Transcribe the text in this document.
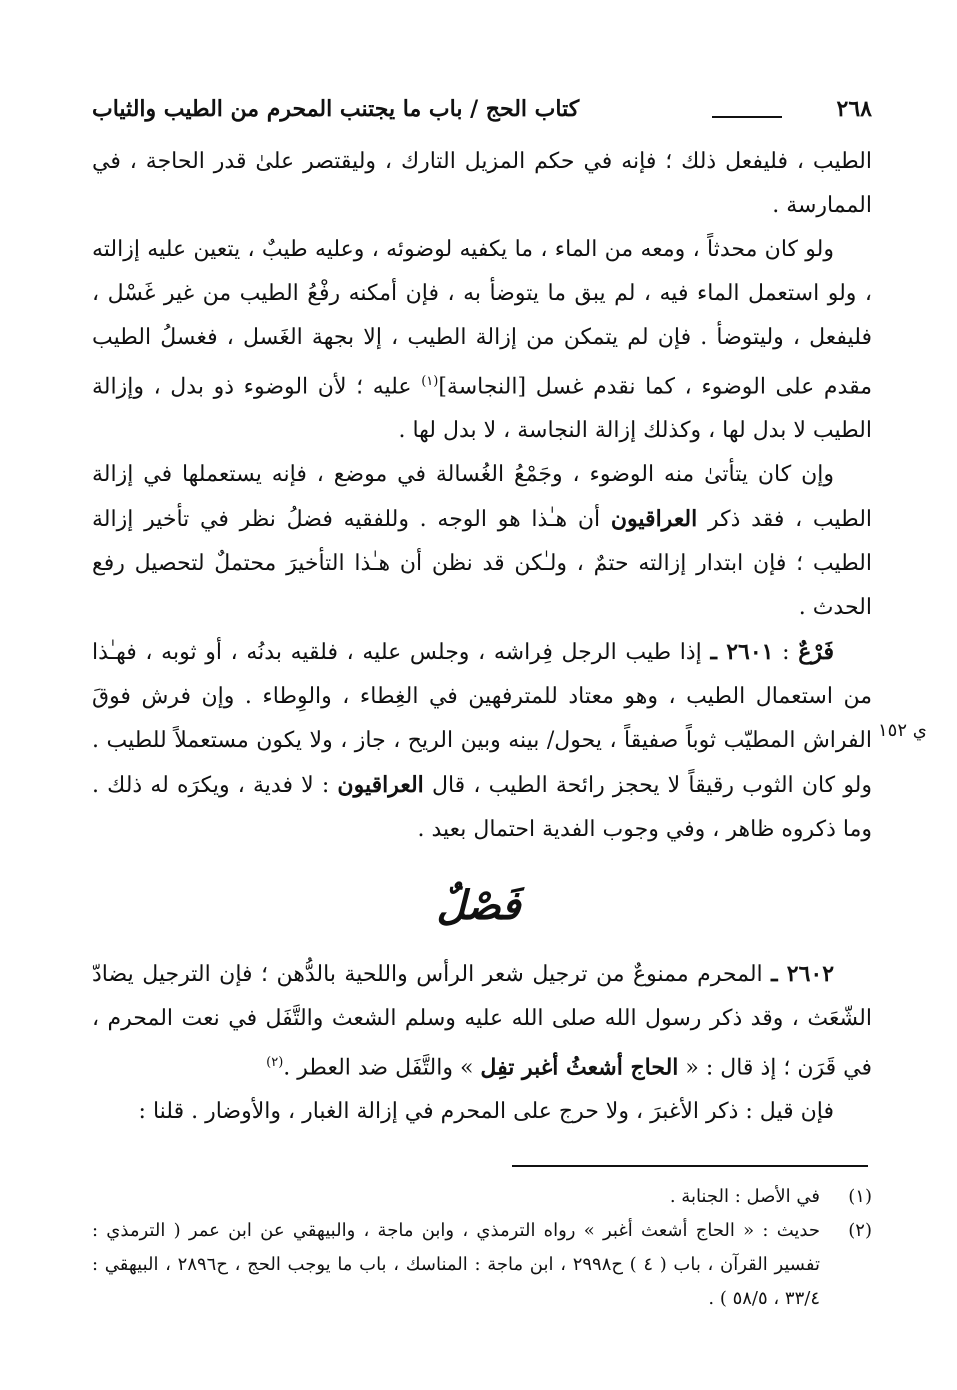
٢٦٨
كتاب الحج / باب ما يجتنب المحرم من الطيب والثياب

الطيب ، فليفعل ذلك ؛ فإنه في حكم المزيل التارك ، وليقتصر علىٰ قدر الحاجة ، في الممارسة .

ولو كان محدثاً ، ومعه من الماء ، ما يكفيه لوضوئه ، وعليه طيبٌ ، يتعين عليه إزالته ، ولو استعمل الماء فيه ، لم يبق ما يتوضأ به ، فإن أمكنه رفْعُ الطيب من غير غَسْل ، فليفعل ، وليتوضأ . فإن لم يتمكن من إزالة الطيب ، إلا بجهة الغَسل ، فغسلُ الطيب مقدم على الوضوء ، كما نقدم غسل [النجاسة]$^{(١)}$ عليه ؛ لأن الوضوء ذو بدل ، وإزالة الطيب لا بدل لها ، وكذلك إزالة النجاسة ، لا بدل لها .

وإن كان يتأتىٰ منه الوضوء ، وجَمْعُ الغُسالة في موضع ، فإنه يستعملها في إزالة الطيب ، فقد ذكر العراقيون أن هـٰذا هو الوجه . وللفقيه فضلُ نظر في تأخير إزالة الطيب ؛ فإن ابتدار إزالته حتمٌ ، ولـٰكن قد نظن أن هـٰذا التأخيرَ محتملٌ لتحصيل رفع الحدث .

فَرْعٌ : ٢٦٠١ ـ إذا طيب الرجل فِراشه ، وجلس عليه ، فلقيه بدنُه ، أو ثوبه ، فهـٰذا من استعمال الطيب ، وهو معتاد للمترفهين في الغِطاء ، والوِطاء . وإن فرش فوقَ الفراش المطيّب ثوباً صفيقاً ، يحول/ بينه وبين الريح ، جاز ، ولا يكون مستعملاً للطيب . ولو كان الثوب رقيقاً لا يحجز رائحة الطيب ، قال العراقيون : لا فدية ، ويكرَه له ذلك . وما ذكروه ظاهر ، وفي وجوب الفدية احتمال بعيد .

ي ١٥٢
فَصْلٌ

٢٦٠٢ ـ المحرم ممنوعٌ من ترجيل شعر الرأس واللحية بالدُّهن ؛ فإن الترجيل يضادّ الشّعَث ، وقد ذكر رسول الله صلى الله عليه وسلم الشعث والتَّفَل في نعت المحرم ، في قَرَن ؛ إذ قال : « الحاج أشعثُ أغبر تفِل » والتَّفَل ضد العطر .$^{(٢)}$

فإن قيل : ذكر الأغبرَ ، ولا حرج على المحرم في إزالة الغبار ، والأوضار . قلنا :

(١)
في الأصل : الجنابة .
(٢)
حديث : « الحاج أشعث أغبر » رواه الترمذي ، وابن ماجة ، والبيهقي عن ابن عمر ( الترمذي : تفسير القرآن ، باب ( ٤ ) ح٢٩٩٨ ، ابن ماجة : المناسك ، باب ما يوجب الحج ، ح٢٨٩٦ ، البيهقي : ٣٣/٤ ، ٥٨/٥ ) .
